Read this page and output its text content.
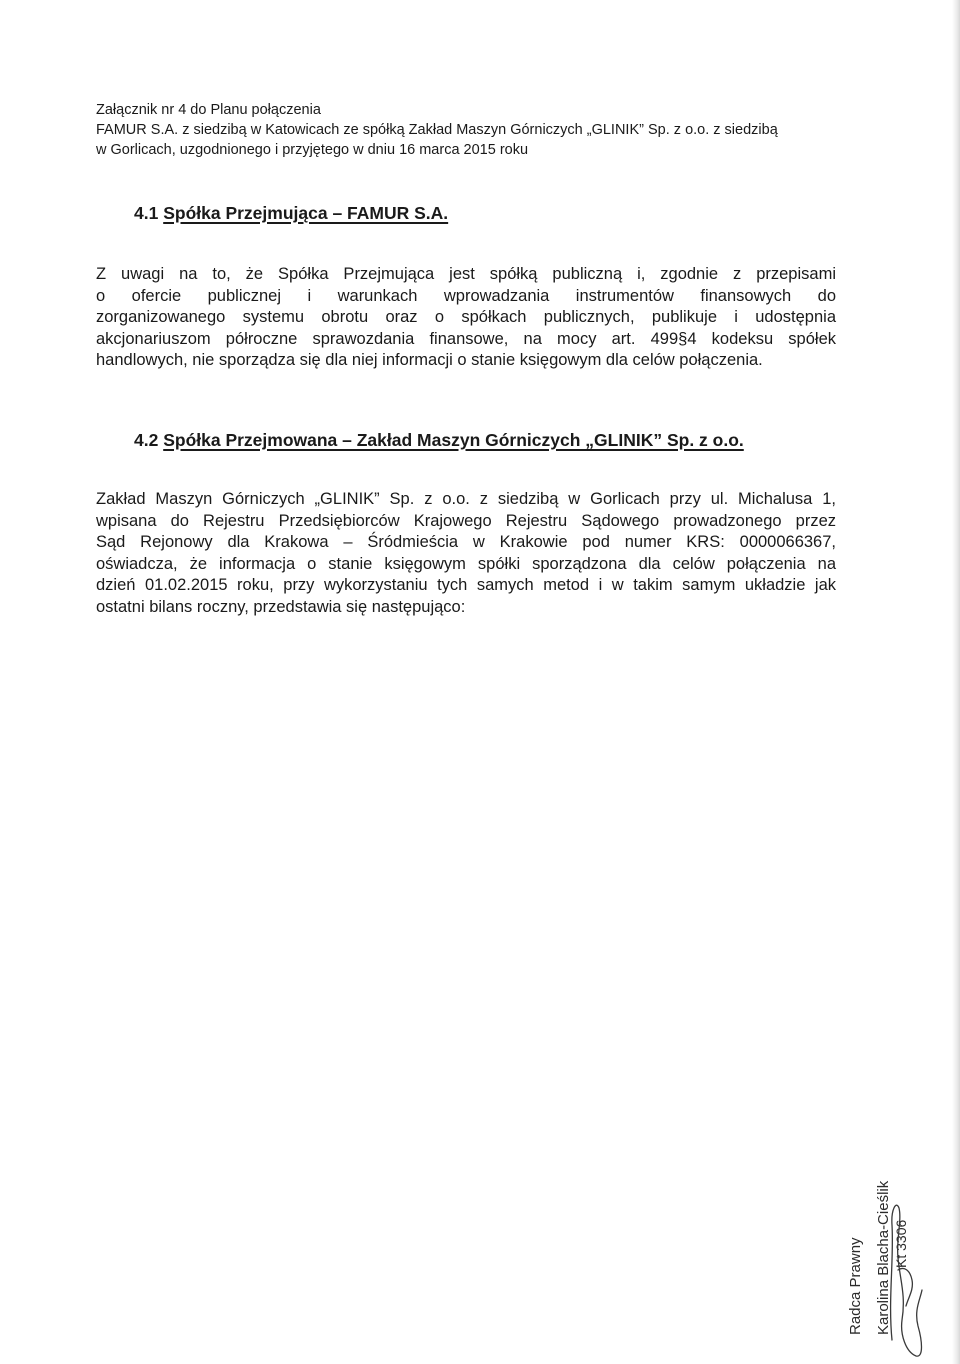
Załącznik nr 4 do Planu połączenia
FAMUR S.A. z siedzibą w Katowicach ze spółką Zakład Maszyn Górniczych „GLINIK” Sp. z o.o. z siedzibą
w Gorlicach, uzgodnionego i przyjętego w dniu 16 marca 2015 roku
4.1 Spółka Przejmująca – FAMUR S.A.
Z uwagi na to, że Spółka Przejmująca jest spółką publiczną i, zgodnie z przepisami
o ofercie publicznej i warunkach wprowadzania instrumentów finansowych do
zorganizowanego systemu obrotu oraz o spółkach publicznych, publikuje i udostępnia
akcjonariuszom półroczne sprawozdania finansowe, na mocy art. 499§4 kodeksu spółek
handlowych, nie sporządza się dla niej informacji o stanie księgowym dla celów połączenia.
4.2 Spółka Przejmowana – Zakład Maszyn Górniczych „GLINIK” Sp. z o.o.
Zakład Maszyn Górniczych „GLINIK” Sp. z o.o. z siedzibą w Gorlicach przy ul. Michalusa 1,
wpisana do Rejestru Przedsiębiorców Krajowego Rejestru Sądowego prowadzonego przez
Sąd Rejonowy dla Krakowa – Śródmieścia w Krakowie pod numer KRS: 0000066367,
oświadcza, że informacja o stanie księgowym spółki sporządzona dla celów połączenia na
dzień 01.02.2015 roku, przy wykorzystaniu tych samych metod i w takim samym układzie jak
ostatni bilans roczny, przedstawia się następująco:
Radca Prawny Karolina Blacha-Cieślik Kt 3306
